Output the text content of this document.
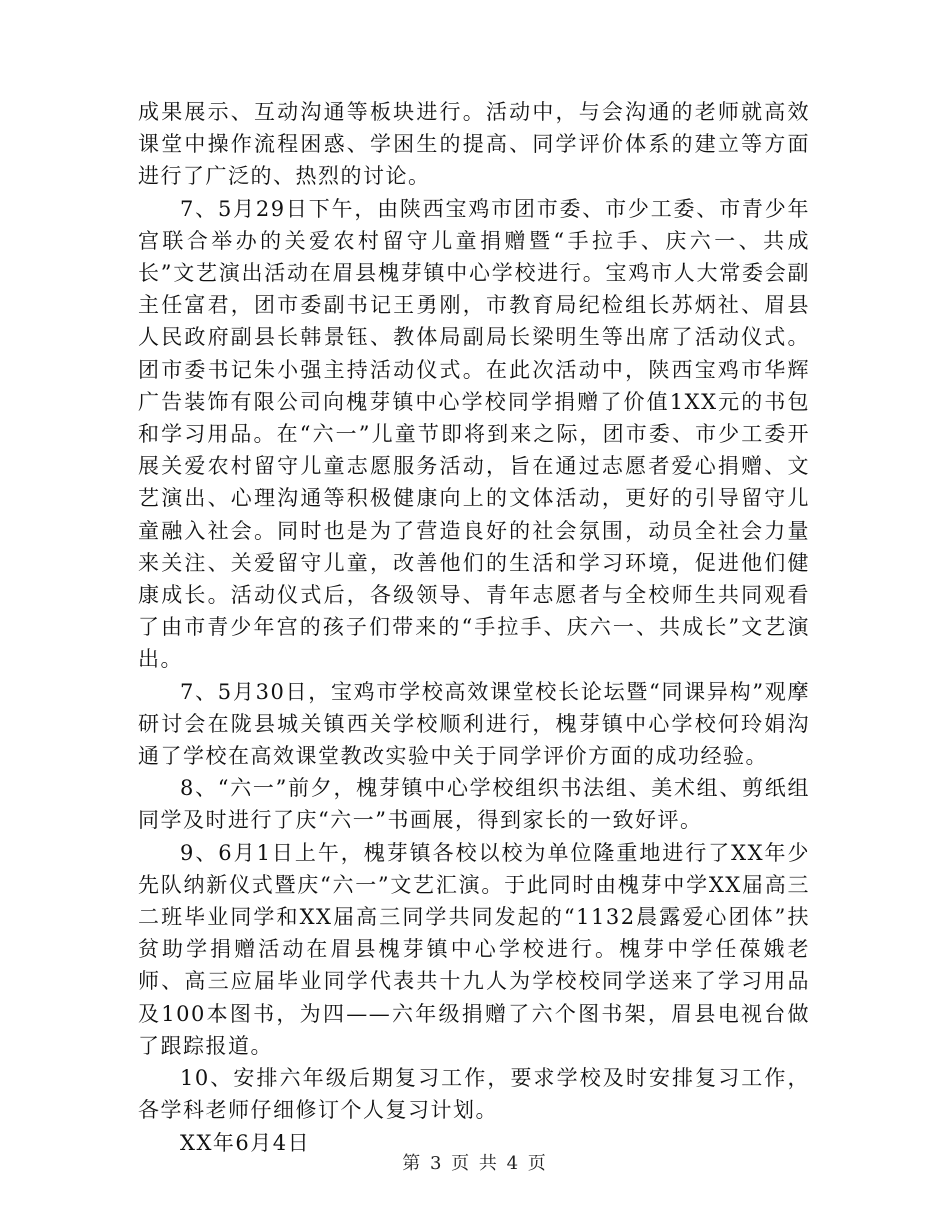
成果展示、互动沟通等板块进行。活动中，与会沟通的老师就高效课堂中操作流程困惑、学困生的提高、同学评价体系的建立等方面进行了广泛的、热烈的讨论。

7、5月29日下午，由陕西宝鸡市团市委、市少工委、市青少年宫联合举办的关爱农村留守儿童捐赠暨“手拉手、庆六一、共成长”文艺演出活动在眉县槐芽镇中心学校进行。宝鸡市人大常委会副主任富君，团市委副书记王勇刚，市教育局纪检组长苏炳社、眉县人民政府副县长韩景钰、教体局副局长梁明生等出席了活动仪式。团市委书记朱小强主持活动仪式。在此次活动中，陕西宝鸡市华辉广告装饰有限公司向槐芽镇中心学校同学捐赠了价值1XX元的书包和学习用品。在“六一”儿童节即将到来之际，团市委、市少工委开展关爱农村留守儿童志愿服务活动，旨在通过志愿者爱心捐赠、文艺演出、心理沟通等积极健康向上的文体活动，更好的引导留守儿童融入社会。同时也是为了营造良好的社会氛围，动员全社会力量来关注、关爱留守儿童，改善他们的生活和学习环境，促进他们健康成长。活动仪式后，各级领导、青年志愿者与全校师生共同观看了由市青少年宫的孩子们带来的“手拉手、庆六一、共成长”文艺演出。

7、5月30日，宝鸡市学校高效课堂校长论坛暨“同课异构”观摩研讨会在陇县城关镇西关学校顺利进行，槐芽镇中心学校何玲娟沟通了学校在高效课堂教改实验中关于同学评价方面的成功经验。

8、“六一”前夕，槐芽镇中心学校组织书法组、美术组、剪纸组同学及时进行了庆“六一”书画展，得到家长的一致好评。

9、6月1日上午，槐芽镇各校以校为单位隆重地进行了XX年少先队纳新仪式暨庆“六一”文艺汇演。于此同时由槐芽中学XX届高三二班毕业同学和XX届高三同学共同发起的“1132晨露爱心团体”扶贫助学捐赠活动在眉县槐芽镇中心学校进行。槐芽中学任葆娥老师、高三应届毕业同学代表共十九人为学校校同学送来了学习用品及100本图书，为四——六年级捐赠了六个图书架，眉县电视台做了跟踪报道。

10、安排六年级后期复习工作，要求学校及时安排复习工作，各学科老师仔细修订个人复习计划。

XX年6月4日

第 3 页 共 4 页
